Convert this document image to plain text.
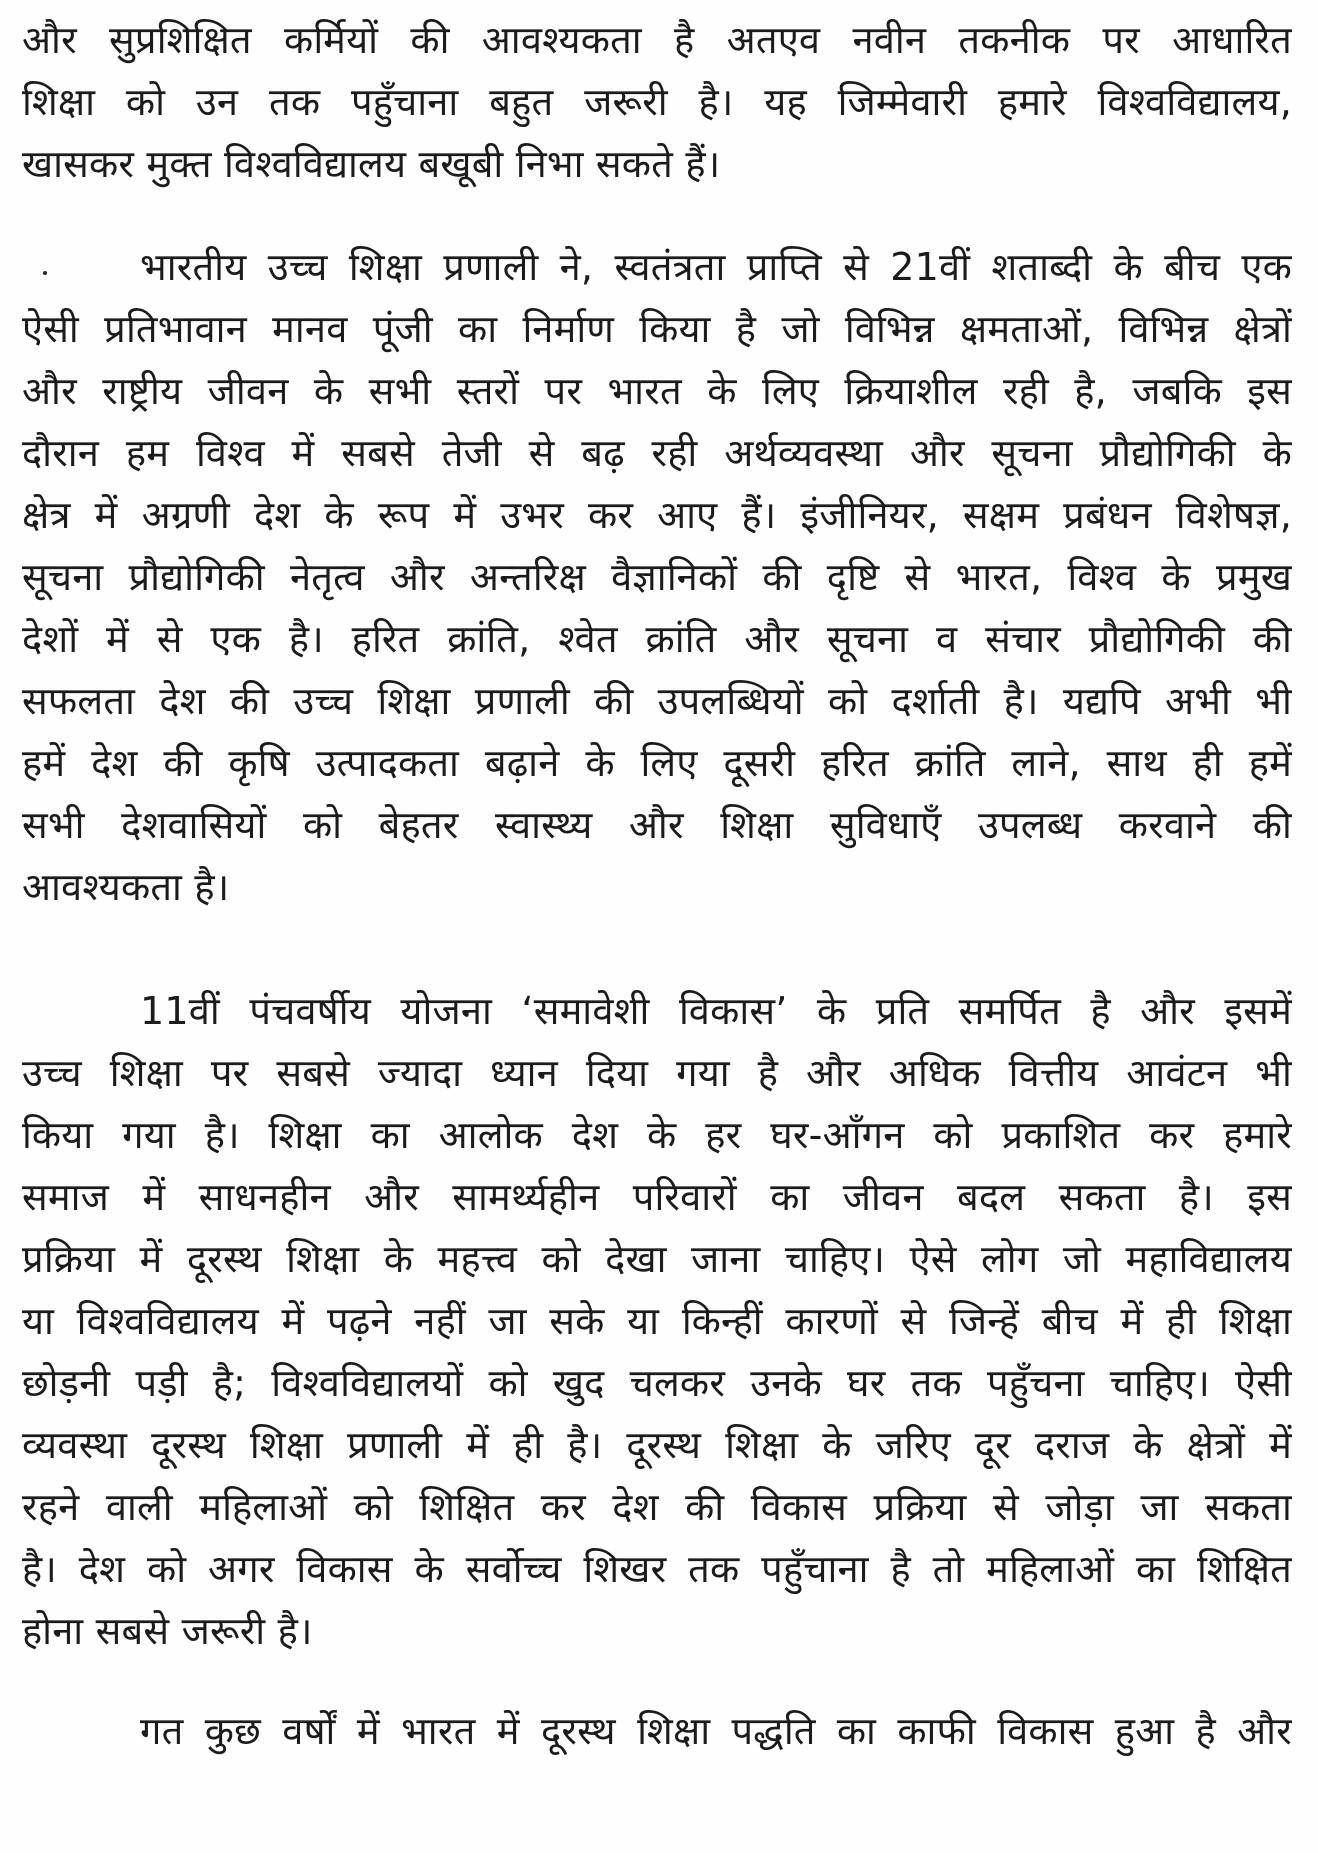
और सुप्रशिक्षित कर्मियों की आवश्यकता है अतएव नवीन तकनीक पर आधारित
शिक्षा को उन तक पहुँचाना बहुत जरूरी है। यह जिम्मेवारी हमारे विश्वविद्यालय,
खासकर मुक्त विश्वविद्यालय बखूबी निभा सकते हैं।
भारतीय उच्च शिक्षा प्रणाली ने, स्वतंत्रता प्राप्ति से 21वीं शताब्दी के बीच एक
ऐसी प्रतिभावान मानव पूंजी का निर्माण किया है जो विभिन्न क्षमताओं, विभिन्न क्षेत्रों
और राष्ट्रीय जीवन के सभी स्तरों पर भारत के लिए क्रियाशील रही है, जबकि इस
दौरान हम विश्व में सबसे तेजी से बढ़ रही अर्थव्यवस्था और सूचना प्रौद्योगिकी के
क्षेत्र में अग्रणी देश के रूप में उभर कर आए हैं। इंजीनियर, सक्षम प्रबंधन विशेषज्ञ,
सूचना प्रौद्योगिकी नेतृत्व और अन्तरिक्ष वैज्ञानिकों की दृष्टि से भारत, विश्व के प्रमुख
देशों में से एक है। हरित क्रांति, श्वेत क्रांति और सूचना व संचार प्रौद्योगिकी की
सफलता देश की उच्च शिक्षा प्रणाली की उपलब्धियों को दर्शाती है। यद्यपि अभी भी
हमें देश की कृषि उत्पादकता बढ़ाने के लिए दूसरी हरित क्रांति लाने, साथ ही हमें
सभी देशवासियों को बेहतर स्वास्थ्य और शिक्षा सुविधाएँ उपलब्ध करवाने की
आवश्यकता है।
11वीं पंचवर्षीय योजना ‘समावेशी विकास’ के प्रति समर्पित है और इसमें
उच्च शिक्षा पर सबसे ज्यादा ध्यान दिया गया है और अधिक वित्तीय आवंटन भी
किया गया है। शिक्षा का आलोक देश के हर घर-आँगन को प्रकाशित कर हमारे
समाज में साधनहीन और सामर्थ्यहीन परिवारों का जीवन बदल सकता है। इस
प्रक्रिया में दूरस्थ शिक्षा के महत्त्व को देखा जाना चाहिए। ऐसे लोग जो महाविद्यालय
या विश्वविद्यालय में पढ़ने नहीं जा सके या किन्हीं कारणों से जिन्हें बीच में ही शिक्षा
छोड़नी पड़ी है; विश्वविद्यालयों को खुद चलकर उनके घर तक पहुँचना चाहिए। ऐसी
व्यवस्था दूरस्थ शिक्षा प्रणाली में ही है। दूरस्थ शिक्षा के जरिए दूर दराज के क्षेत्रों में
रहने वाली महिलाओं को शिक्षित कर देश की विकास प्रक्रिया से जोड़ा जा सकता
है। देश को अगर विकास के सर्वोच्च शिखर तक पहुँचाना है तो महिलाओं का शिक्षित
होना सबसे जरूरी है।
गत कुछ वर्षों में भारत में दूरस्थ शिक्षा पद्धति का काफी विकास हुआ है और
